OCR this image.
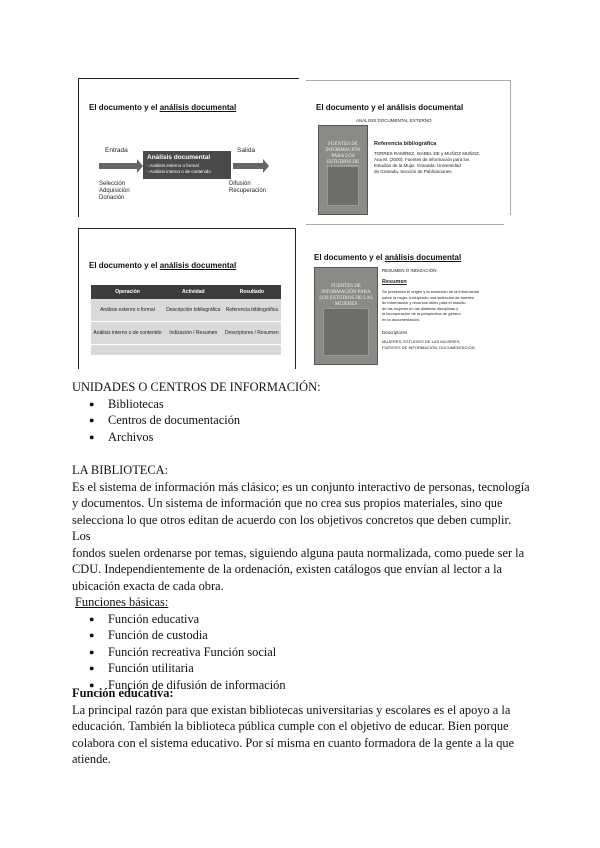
El documento y el análisis documental
Entrada	Salida
Análisis documental
- Análisis externo o formal
- Análisis interno o de contenido
Selección
Adquisición
Donación
Difusión
Recuperación
El documento y el análisis documental
ANÁLISIS DOCUMENTAL EXTERNO
FUENTES DE INFORMACIÓN PARA LOS ESTUDIOS DE
Referencia bibliográfica
TORRES RAMÍREZ, ISABEL DE y MUÑOZ MUÑOZ,
Ana M. (2000). Fuentes de información para los
Estudios de la Mujer. Granada: Universidad
de Granada, Sección de Publicaciones.
El documento y el análisis documental
Operación	Actividad	Resultado
Análisis externo o formal	Descripción bibliográfica	Referencia bibliográfica
Análisis interno o de contenido	Indización / Resumen	Descriptores / Resumen

El documento y el análisis documental
FUENTES DE INFORMACIÓN PARA LOS ESTUDIOS DE LAS MUJERES
RESUMEN O INDIZACIÓN
Resumen
Se presentan el origen y la evolución de la información
sobre la mujer, incluyendo una selección de fuentes
de información y recursos útiles para el estudio
de las mujeres en las distintas disciplinas y
la incorporación de la perspectiva de género
en la documentación.
Descriptores
MUJERES; ESTUDIOS DE LAS MUJERES;
FUENTES DE INFORMACIÓN; DOCUMENTACIÓN

UNIDADES O CENTROS DE INFORMACIÓN:

● Bibliotecas
● Centros de documentación
● Archivos

LA BIBLIOTECA:

Es el sistema de información más clásico; es un conjunto interactivo de personas, tecnología

y documentos. Un sistema de información que no crea sus propios materiales, sino que

selecciona lo que otros editan de acuerdo con los objetivos concretos que deben cumplir. Los

fondos suelen ordenarse por temas, siguiendo alguna pauta normalizada, como puede ser la

CDU. Independientemente de la ordenación, existen catálogos que envían al lector a la

ubicación exacta de cada obra.

Funciones básicas:

● Función educativa
● Función de custodia
● Función recreativa Función social
● Función utilitaria
● Función de difusión de información

Función educativa:

La principal razón para que existan bibliotecas universitarias y escolares es el apoyo a la

educación. También la biblioteca pública cumple con el objetivo de educar. Bien porque

colabora con el sistema educativo. Por sí misma en cuanto formadora de la gente a la que

atiende.
